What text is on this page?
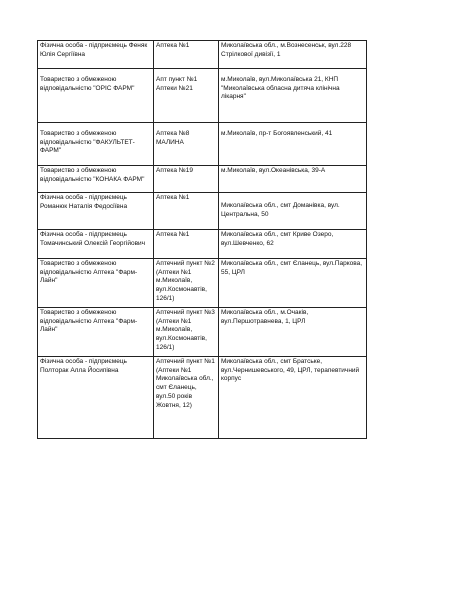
Фізична особа - підприємець Феняк Юлія Сергіївна	Аптека №1	Миколаївська обл., м.Вознесенськ, вул.228 Стрілкової дивізії, 1

Товариство з обмеженою відповідальністю "ОРІС ФАРМ"	Апт пункт №1 Аптеки №21	м.Миколаїв, вул.Миколаївська 21, КНП "Миколаївська обласна дитяча клінічна лікарня"

Товариство з обмеженою відповідальністю "ФАКУЛЬТЕТ-ФАРМ"	Аптека №8 МАЛИНА	м.Миколаїв, пр-т Богоявленський, 41

Товариство з обмеженою відповідальністю "КОНАКА ФАРМ"	Аптека №19	м.Миколаїв, вул.Океанівська, 39-А

Фізична особа - підприємець Романюк Наталія Федосіївна	Аптека №1	Миколаївська обл., смт Доманівка, вул. Центральна, 50

Фізична особа - підприємець Томачинський Олексій Георгійович	Аптека №1	Миколаївська обл., смт Криве Озеро, вул.Шевченко, 62

Товариство з обмеженою відповідальністю Аптека "Фарм-Лайн"	Аптечний пункт №2 (Аптеки №1 м.Миколаїв, вул.Космонавтів, 126/1)	Миколаївська обл., смт Єланець, вул.Паркова, 55, ЦРЛ

Товариство з обмеженою відповідальністю Аптека "Фарм-Лайн"	Аптечний пункт №3 (Аптеки №1 м.Миколаїв, вул.Космонавтів, 126/1)	Миколаївська обл., м.Очаків, вул.Першотравнева, 1, ЦРЛ

Фізична особа - підприємець Полторак Алла Йосипівна	Аптечний пункт №1 (Аптеки №1 Миколаївська обл., смт Єланець, вул.50 років Жовтня, 12)	Миколаївська обл., смт Братське, вул.Чернишевського, 49, ЦРЛ, терапевтичний корпус
